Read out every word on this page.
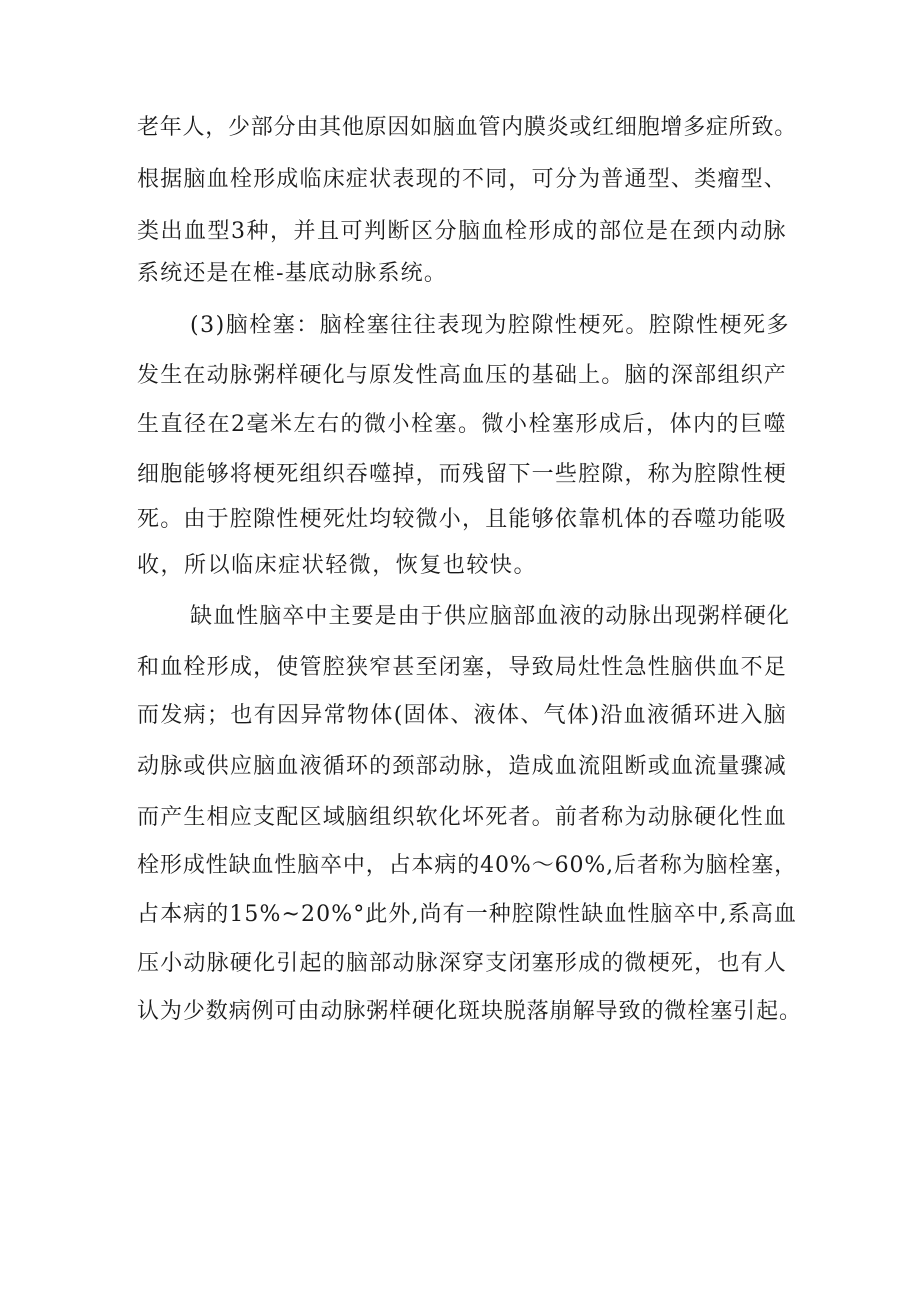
老年人，少部分由其他原因如脑血管内膜炎或红细胞增多症所致。
根据脑血栓形成临床症状表现的不同，可分为普通型、类瘤型、
类出血型3种，并且可判断区分脑血栓形成的部位是在颈内动脉
系统还是在椎-基底动脉系统。
(3)脑栓塞：脑栓塞往往表现为腔隙性梗死。腔隙性梗死多
发生在动脉粥样硬化与原发性高血压的基础上。脑的深部组织产
生直径在2毫米左右的微小栓塞。微小栓塞形成后，体内的巨噬
细胞能够将梗死组织吞噬掉，而残留下一些腔隙，称为腔隙性梗
死。由于腔隙性梗死灶均较微小，且能够依靠机体的吞噬功能吸
收，所以临床症状轻微，恢复也较快。
缺血性脑卒中主要是由于供应脑部血液的动脉出现粥样硬化
和血栓形成，使管腔狭窄甚至闭塞，导致局灶性急性脑供血不足
而发病；也有因异常物体(固体、液体、气体)沿血液循环进入脑
动脉或供应脑血液循环的颈部动脉，造成血流阻断或血流量骤减
而产生相应支配区域脑组织软化坏死者。前者称为动脉硬化性血
栓形成性缺血性脑卒中，占本病的40%～60%,后者称为脑栓塞，
占本病的15%~20%°此外,尚有一种腔隙性缺血性脑卒中,系高血
压小动脉硬化引起的脑部动脉深穿支闭塞形成的微梗死，也有人
认为少数病例可由动脉粥样硬化斑块脱落崩解导致的微栓塞引起。
